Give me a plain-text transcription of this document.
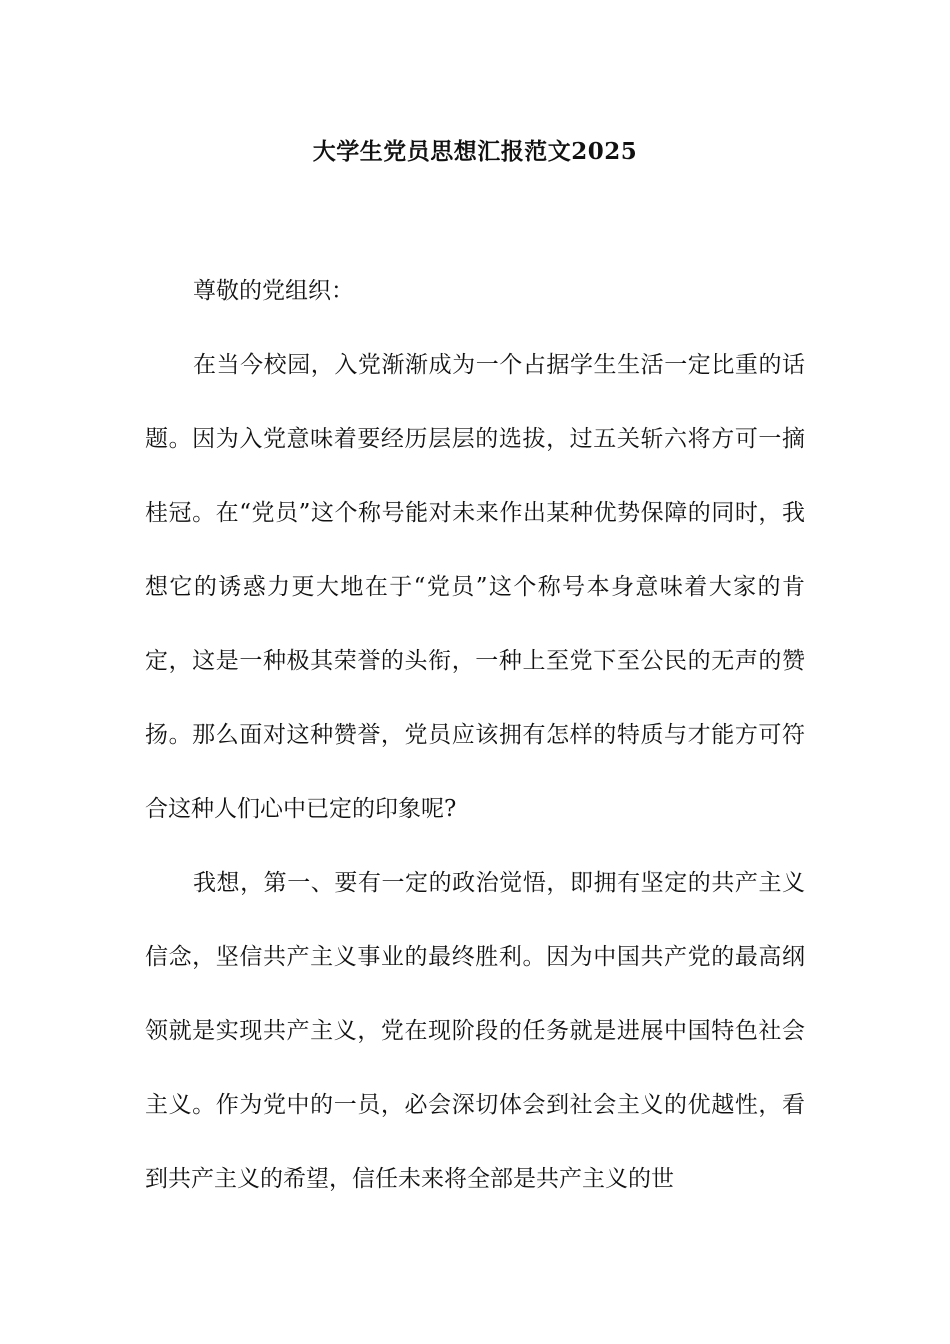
大学生党员思想汇报范文2025

尊敬的党组织：

在当今校园，入党渐渐成为一个占据学生生活一定比重的话题。因为入党意味着要经历层层的选拔，过五关斩六将方可一摘桂冠。在“党员”这个称号能对未来作出某种优势保障的同时，我想它的诱惑力更大地在于“党员”这个称号本身意味着大家的肯定，这是一种极其荣誉的头衔，一种上至党下至公民的无声的赞扬。那么面对这种赞誉，党员应该拥有怎样的特质与才能方可符合这种人们心中已定的印象呢?

我想，第一、要有一定的政治觉悟，即拥有坚定的共产主义信念，坚信共产主义事业的最终胜利。因为中国共产党的最高纲领就是实现共产主义，党在现阶段的任务就是进展中国特色社会主义。作为党中的一员，必会深切体会到社会主义的优越性，看到共产主义的希望，信任未来将全部是共产主义的世
